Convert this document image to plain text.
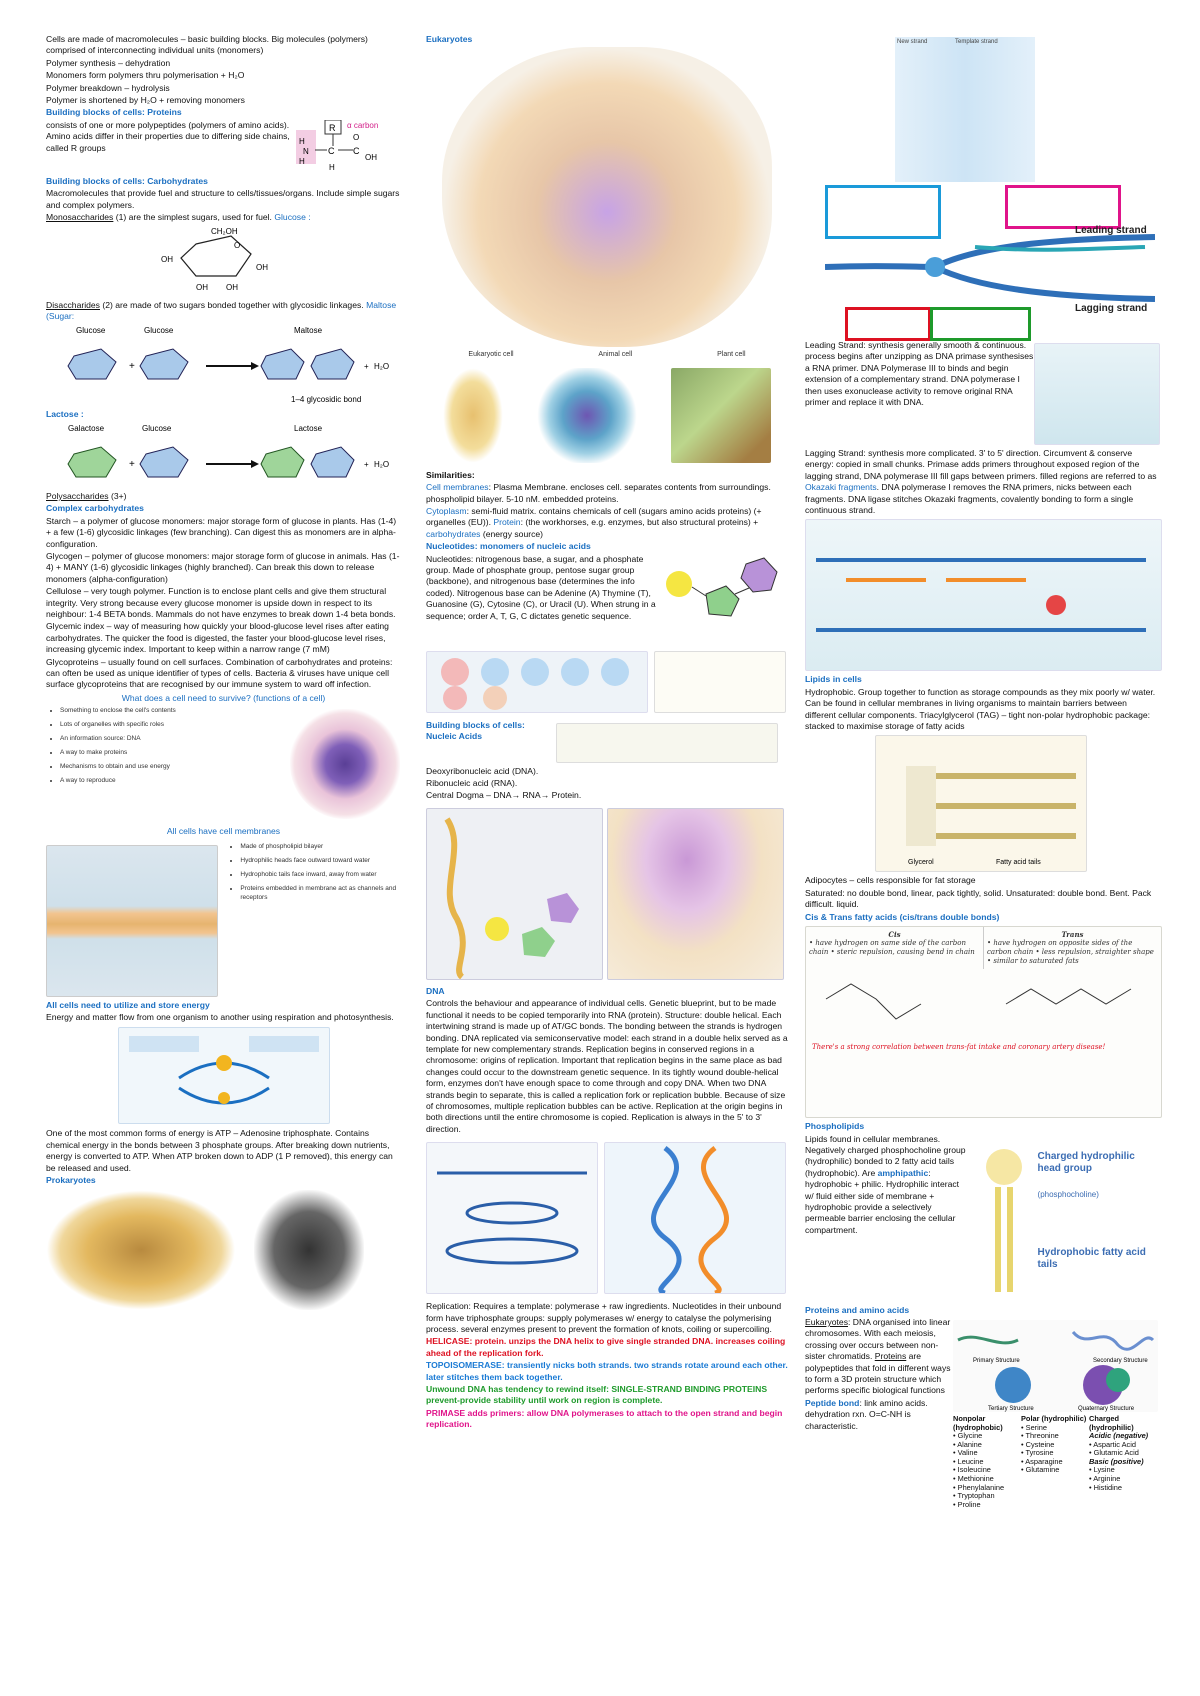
Cells are made of macromolecules – basic building blocks. Big molecules (polymers) comprised of interconnecting individual units (monomers)

Polymer synthesis – dehydration

Monomers form polymers thru polymerisation + H₂O

Polymer breakdown – hydrolysis

Polymer is shortened by H₂O + removing monomers

Building blocks of cells: Proteins

consists of one or more polypeptides (polymers of amino acids). Amino acids differ in their properties due to differing side chains, called R groups

R
C C
O
OH
H
N
H
H
α carbon

Building blocks of cells: Carbohydrates

Macromolecules that provide fuel and structure to cells/tissues/organs. Include simple sugars and complex polymers.

Monosaccharides (1) are the simplest sugars, used for fuel. Glucose :

CH₂OH
O
OH
OH
OH OH

Disaccharides (2) are made of two sugars bonded together with glycosidic linkages. Maltose (Sugar:

Glucose	Glucose	Maltose
+	+ H₂O
1–4 glycosidic bond

Lactose :

Galactose	Glucose	Lactose
+	+ H₂O

Polysaccharides (3+)

Complex carbohydrates

Starch – a polymer of glucose monomers: major storage form of glucose in plants. Has (1-4) + a few (1-6) glycosidic linkages (few branching). Can digest this as monomers are in alpha-configuration.

Glycogen – polymer of glucose monomers: major storage form of glucose in animals. Has (1-4) + MANY (1-6) glycosidic linkages (highly branched). Can break this down to release monomers (alpha-configuration)

Cellulose – very tough polymer. Function is to enclose plant cells and give them structural integrity. Very strong because every glucose monomer is upside down in respect to its neighbour: 1-4 BETA bonds. Mammals do not have enzymes to break down 1-4 beta bonds.

Glycemic index – way of measuring how quickly your blood-glucose level rises after eating carbohydrates. The quicker the food is digested, the faster your blood-glucose level rises, increasing glycemic index. Important to keep within a narrow range (7 mM)

Glycoproteins – usually found on cell surfaces. Combination of carbohydrates and proteins: can often be used as unique identifier of types of cells. Bacteria & viruses have unique cell surface glycoproteins that are recognised by our immune system to ward off infection.

What does a cell need to survive? (functions of a cell)

• Something to enclose the cell's contents
• Lots of organelles with specific roles
• An information source: DNA
• A way to make proteins
• Mechanisms to obtain and use energy
• A way to reproduce

All cells have cell membranes

• Made of phospholipid bilayer
• Hydrophilic heads face outward toward water
• Hydrophobic tails face inward, away from water
• Proteins embedded in membrane act as channels and receptors

All cells need to utilize and store energy

Energy and matter flow from one organism to another using respiration and photosynthesis.

One of the most common forms of energy is ATP – Adenosine triphosphate. Contains chemical energy in the bonds between 3 phosphate groups. After breaking down nutrients, energy is converted to ATP. When ATP broken down to ADP (1 P removed), this energy can be released and used.

Prokaryotes

Eukaryotes

Eukaryotic cell	Animal cell	Plant cell

Similarities:

Cell membranes: Plasma Membrane. encloses cell. separates contents from surroundings. phospholipid bilayer. 5-10 nM. embedded proteins.

Cytoplasm: semi-fluid matrix. contains chemicals of cell (sugars amino acids proteins) (+ organelles (EU)). Protein: (the workhorses, e.g. enzymes, but also structural proteins) + carbohydrates (energy source)

Nucleotides: monomers of nucleic acids

Nucleotides: nitrogenous base, a sugar, and a phosphate group. Made of phosphate group, pentose sugar group (backbone), and nitrogenous base (determines the info coded). Nitrogenous base can be Adenine (A) Thymine (T), Guanosine (G), Cytosine (C), or Uracil (U). When strung in a sequence; order A, T, G, C dictates genetic sequence.

Building blocks of cells: Nucleic Acids

Deoxyribonucleic acid (DNA).

Ribonucleic acid (RNA).

Central Dogma – DNA→ RNA→ Protein.

DNA

Controls the behaviour and appearance of individual cells. Genetic blueprint, but to be made functional it needs to be copied temporarily into RNA (protein). Structure: double helical. Each intertwining strand is made up of AT/GC bonds. The bonding between the strands is hydrogen bonding. DNA replicated via semiconservative model: each strand in a double helix served as a template for new complementary strands. Replication begins in conserved regions in a chromosome: origins of replication. Important that replication begins in the same place as bad changes could occur to the downstream genetic sequence. In its tightly wound double-helical form, enzymes don't have enough space to come through and copy DNA. When two DNA strands begin to separate, this is called a replication fork or replication bubble. Because of size of chromosomes, multiple replication bubbles can be active. Replication at the origin begins in both directions until the entire chromosome is copied. Replication is always in the 5' to 3' direction.

Replication: Requires a template: polymerase + raw ingredients. Nucleotides in their unbound form have triphosphate groups: supply polymerases w/ energy to catalyse the polymerising process. several enzymes present to prevent the formation of knots, coiling or supercoiling.

HELICASE: protein. unzips the DNA helix to give single stranded DNA. increases coiling ahead of the replication fork.

TOPOISOMERASE: transiently nicks both strands. two strands rotate around each other. later stitches them back together.

Unwound DNA has tendency to rewind itself: SINGLE-STRAND BINDING PROTEINS prevent-provide stability until work on region is complete.

PRIMASE adds primers: allow DNA polymerases to attach to the open strand and begin replication.

New strand	Template strand
Leading strand
Lagging strand

Leading Strand: synthesis generally smooth & continuous. process begins after unzipping as DNA primase synthesises a RNA primer. DNA Polymerase III to binds and begin extension of a complementary strand. DNA polymerase I then uses exonuclease activity to remove original RNA primer and replace it with DNA.

Lagging Strand: synthesis more complicated. 3' to 5' direction. Circumvent & conserve energy: copied in small chunks. Primase adds primers throughout exposed region of the lagging strand, DNA polymerase III fill gaps between primers. filled regions are referred to as Okazaki fragments. DNA polymerase I removes the RNA primers, nicks between each fragments. DNA ligase stitches Okazaki fragments, covalently bonding to form a single continuous strand.

Lipids in cells

Hydrophobic. Group together to function as storage compounds as they mix poorly w/ water. Can be found in cellular membranes in living organisms to maintain barriers between different cellular components. Triacylglycerol (TAG) – tight non-polar hydrophobic package: stacked to maximise storage of fatty acids

Glycerol	Fatty acid tails

Adipocytes – cells responsible for fat storage

Saturated: no double bond, linear, pack tightly, solid. Unsaturated: double bond. Bent. Pack difficult. liquid.

Cis & Trans fatty acids (cis/trans double bonds)

Cis
• have hydrogen on same side of the carbon chain • steric repulsion, causing bend in chain
Trans
• have hydrogen on opposite sides of the carbon chain • less repulsion, straighter shape • similar to saturated fats
There's a strong correlation between trans-fat intake and coronary artery disease!

Phospholipids

Lipids found in cellular membranes. Negatively charged phosphocholine group (hydrophilic) bonded to 2 fatty acid tails (hydrophobic). Are amphipathic: hydrophobic + philic. Hydrophilic interact w/ fluid either side of membrane + hydrophobic provide a selectively permeable barrier enclosing the cellular compartment.

Charged hydrophilic head group
(phosphocholine)
Hydrophobic fatty acid tails

Proteins and amino acids

Eukaryotes: DNA organised into linear chromosomes. With each meiosis, crossing over occurs between non-sister chromatids. Proteins are polypeptides that fold in different ways to form a 3D protein structure which performs specific biological functions

Peptide bond: link amino acids. dehydration rxn. O=C-NH is characteristic.

Primary Structure	Secondary Structure
Tertiary Structure	Quaternary Structure
Nonpolar (hydrophobic)
• Glycine
• Alanine
• Valine
• Leucine
• Isoleucine
• Methionine
• Phenylalanine
• Tryptophan
• Proline
Polar (hydrophilic)
• Serine
• Threonine
• Cysteine
• Tyrosine
• Asparagine
• Glutamine
Charged (hydrophilic)
Acidic (negative)
• Aspartic Acid
• Glutamic Acid
Basic (positive)
• Lysine
• Arginine
• Histidine
